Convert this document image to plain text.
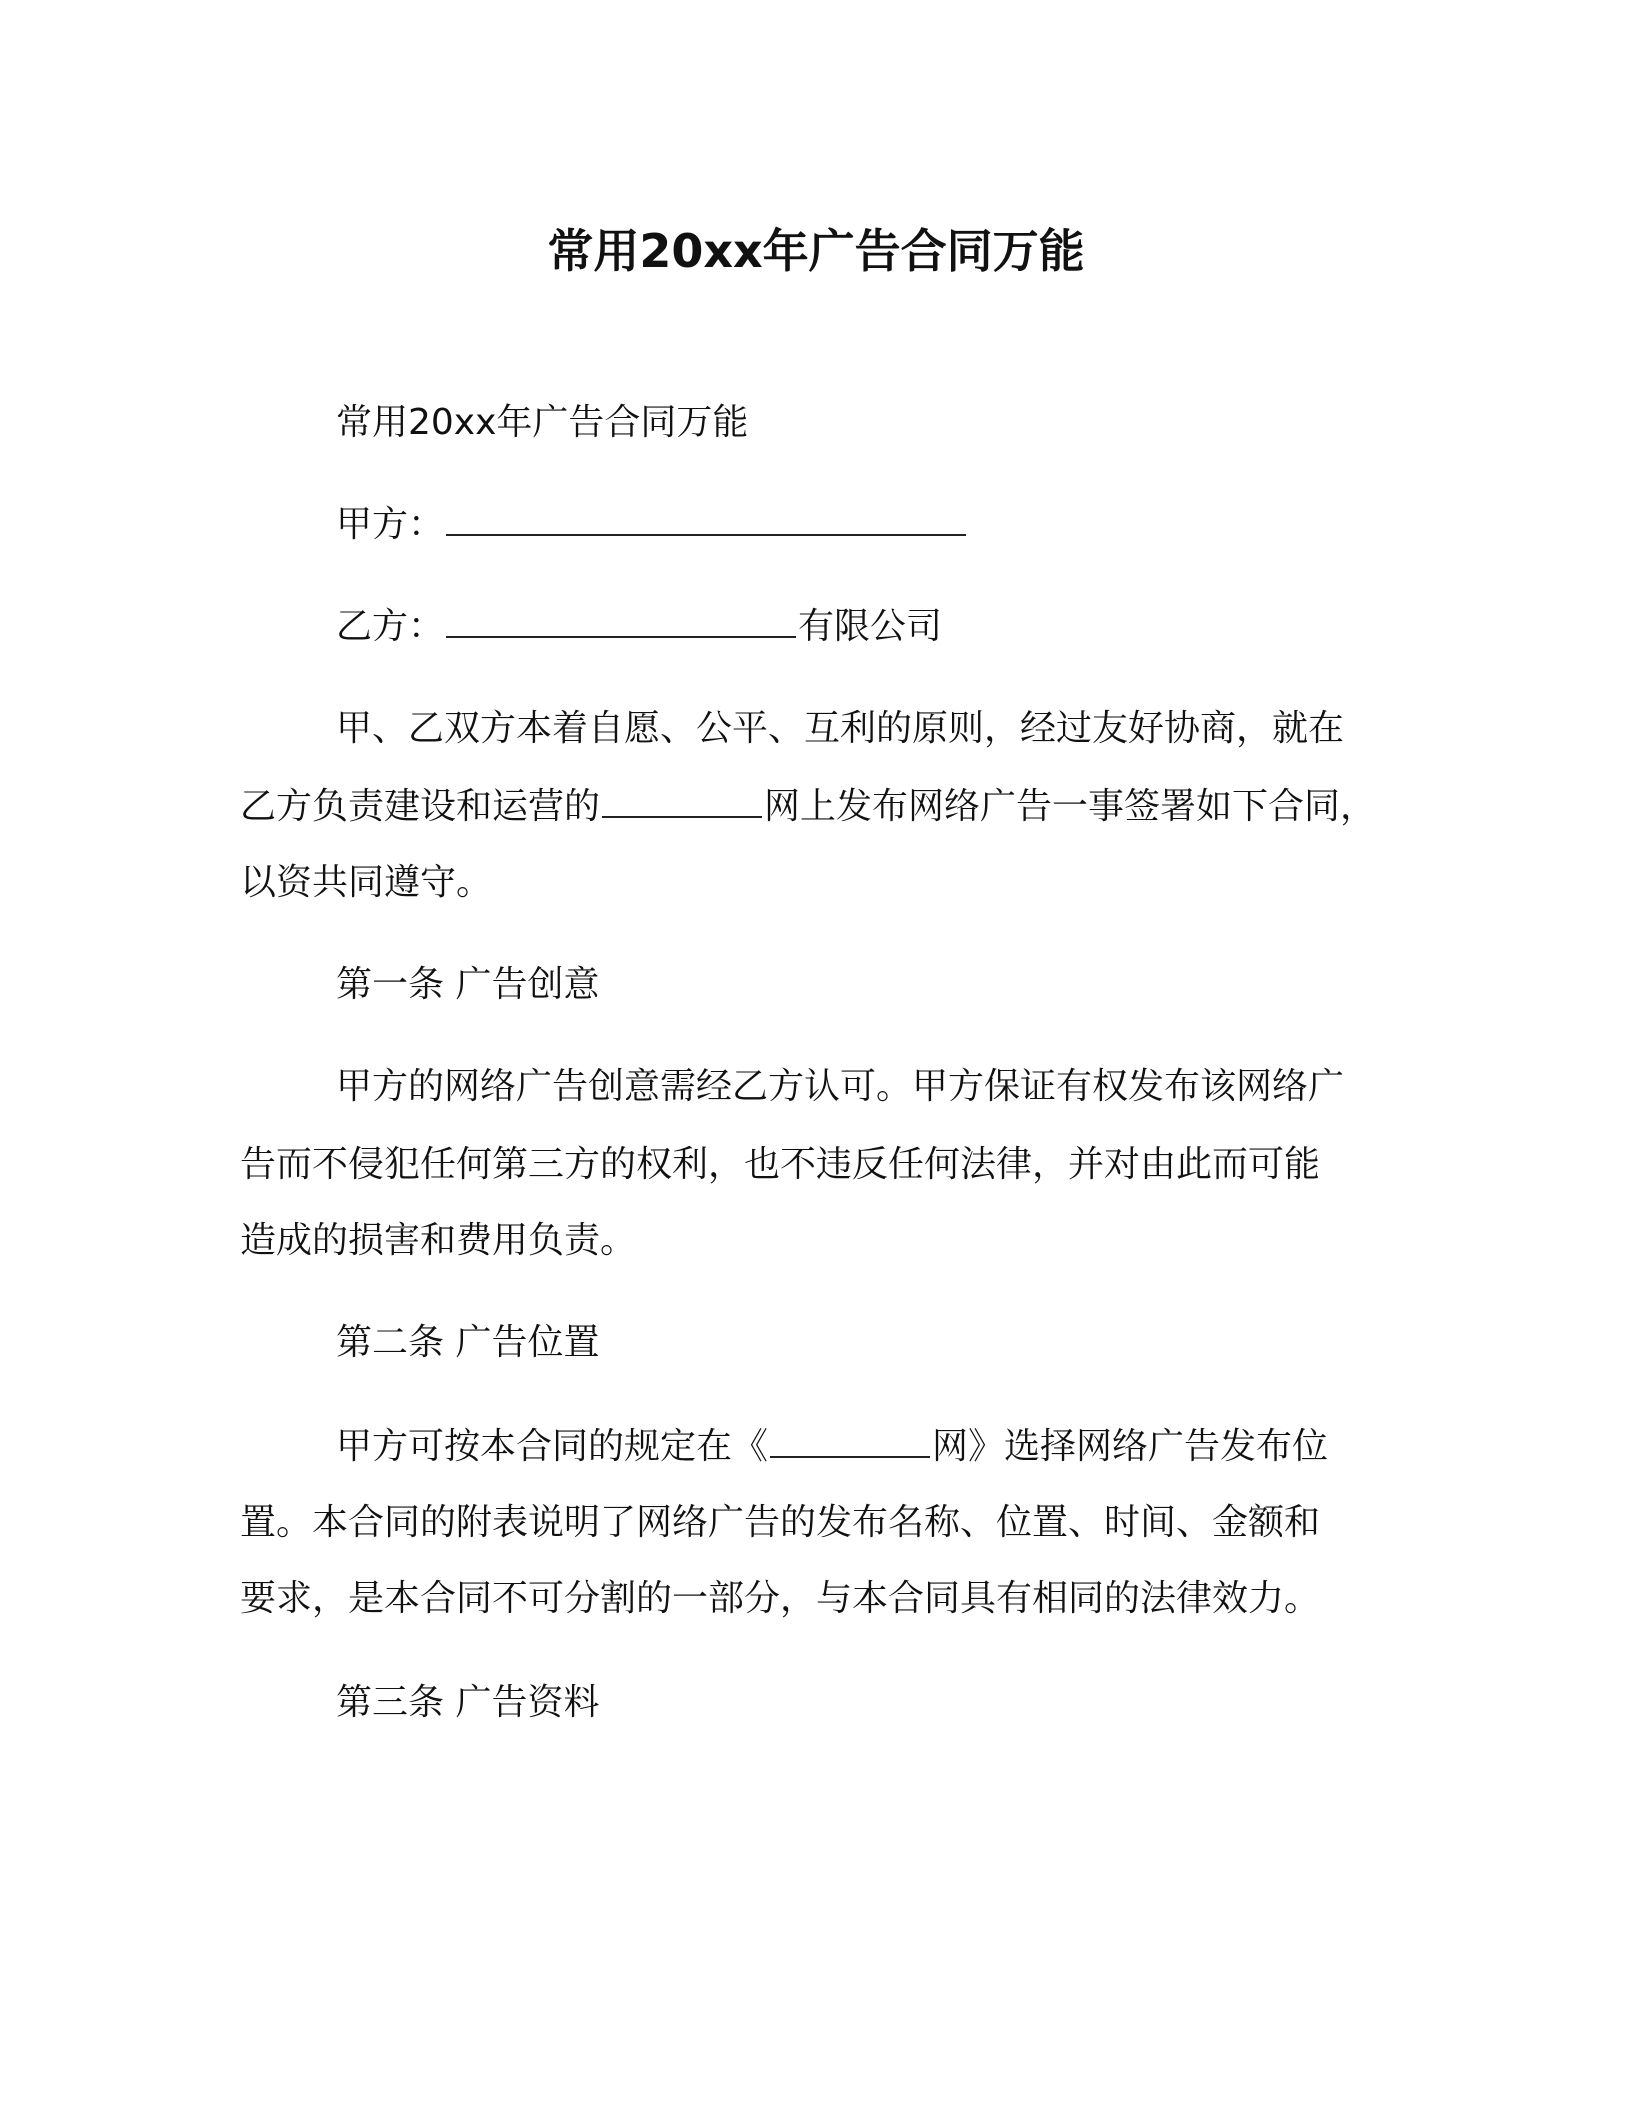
常用20xx年广告合同万能
常用20xx年广告合同万能
甲方：
乙方：	有限公司
甲、乙双方本着自愿、公平、互利的原则，经过友好协商，就在
乙方负责建设和运营的	网上发布网络广告一事签署如下合同，
以资共同遵守。
第一条 广告创意
甲方的网络广告创意需经乙方认可。甲方保证有权发布该网络广
告而不侵犯任何第三方的权利，也不违反任何法律，并对由此而可能
造成的损害和费用负责。
第二条 广告位置
甲方可按本合同的规定在《	网》选择网络广告发布位
置。本合同的附表说明了网络广告的发布名称、位置、时间、金额和
要求，是本合同不可分割的一部分，与本合同具有相同的法律效力。
第三条 广告资料
